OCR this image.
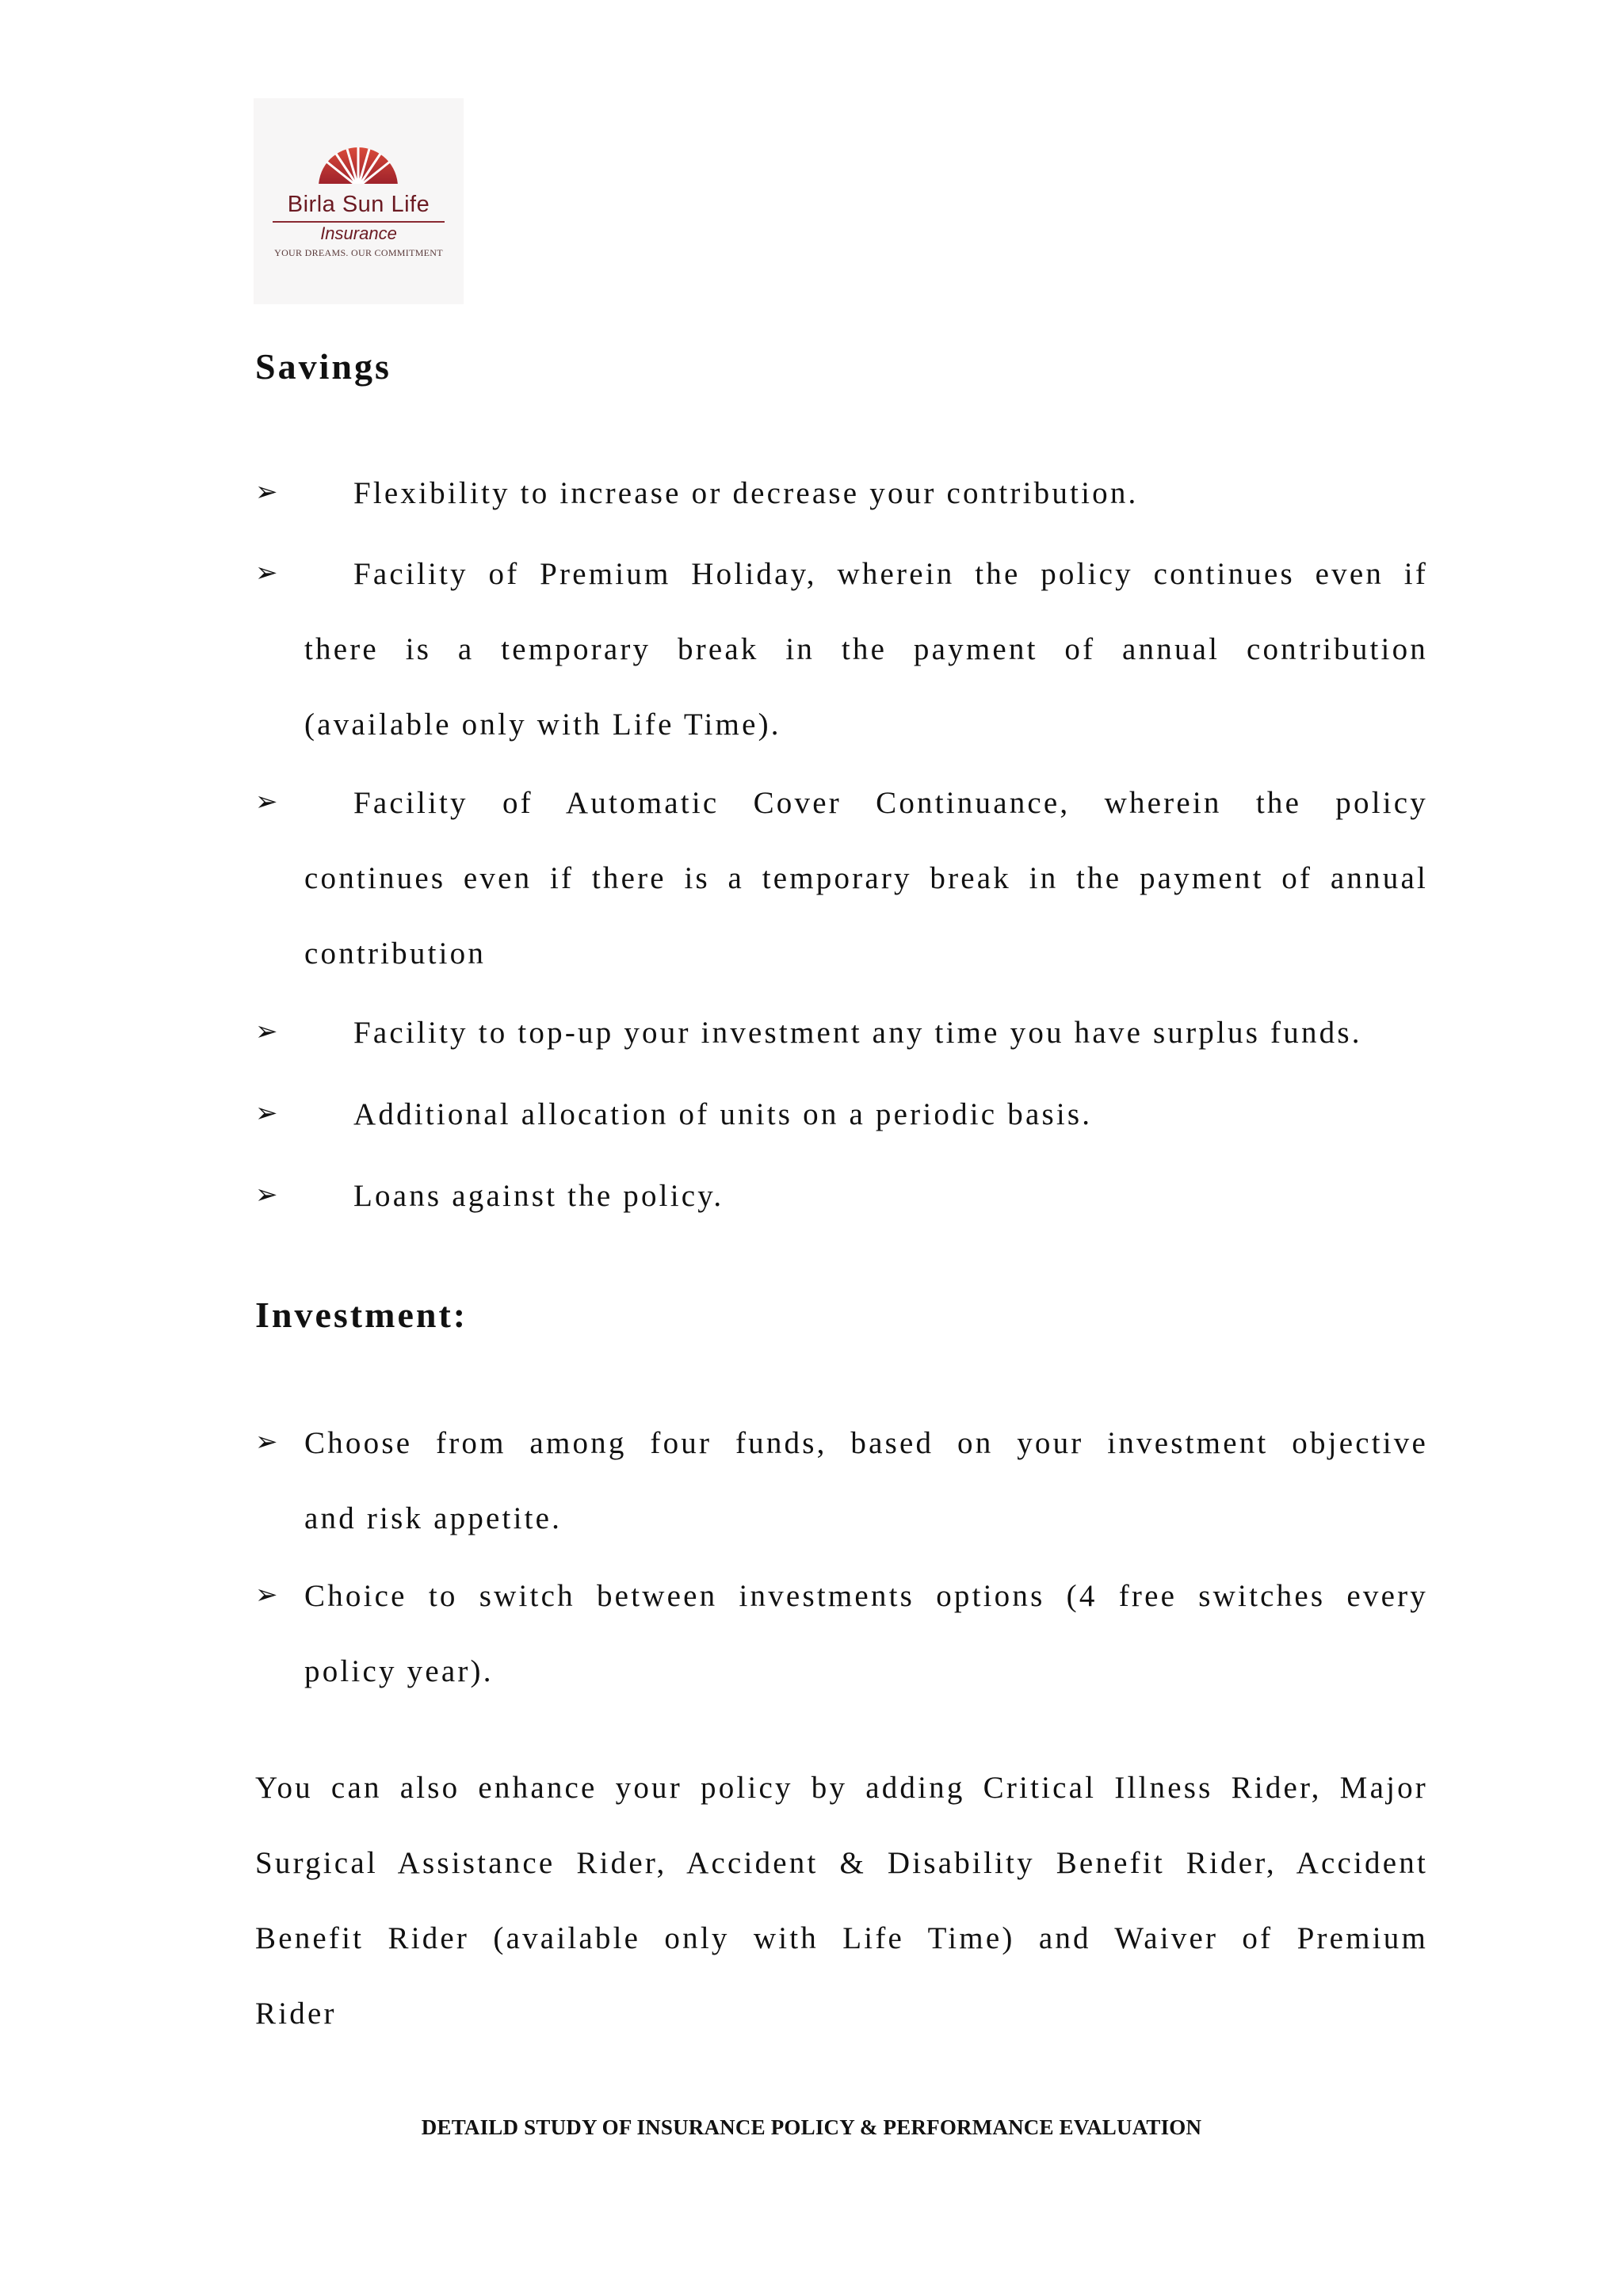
Birla Sun Life
Insurance
YOUR DREAMS. OUR COMMITMENT
Savings
➢ Flexibility to increase or decrease your contribution.
➢ Facility of Premium Holiday, wherein the policy continues even if
there is a temporary break in the payment of annual contribution
(available only with Life Time).
➢ Facility of Automatic Cover Continuance, wherein the policy
continues even if there is a temporary break in the payment of annual
contribution
➢ Facility to top-up your investment any time you have surplus funds.
➢ Additional allocation of units on a periodic basis.
➢ Loans against the policy.
Investment:
➢ Choose from among four funds, based on your investment objective
and risk appetite.
➢ Choice to switch between investments options (4 free switches every
policy year).
You can also enhance your policy by adding Critical Illness Rider, Major
Surgical Assistance Rider, Accident & Disability Benefit Rider, Accident
Benefit Rider (available only with Life Time) and Waiver of Premium
Rider
DETAILD STUDY OF INSURANCE POLICY & PERFORMANCE EVALUATION
